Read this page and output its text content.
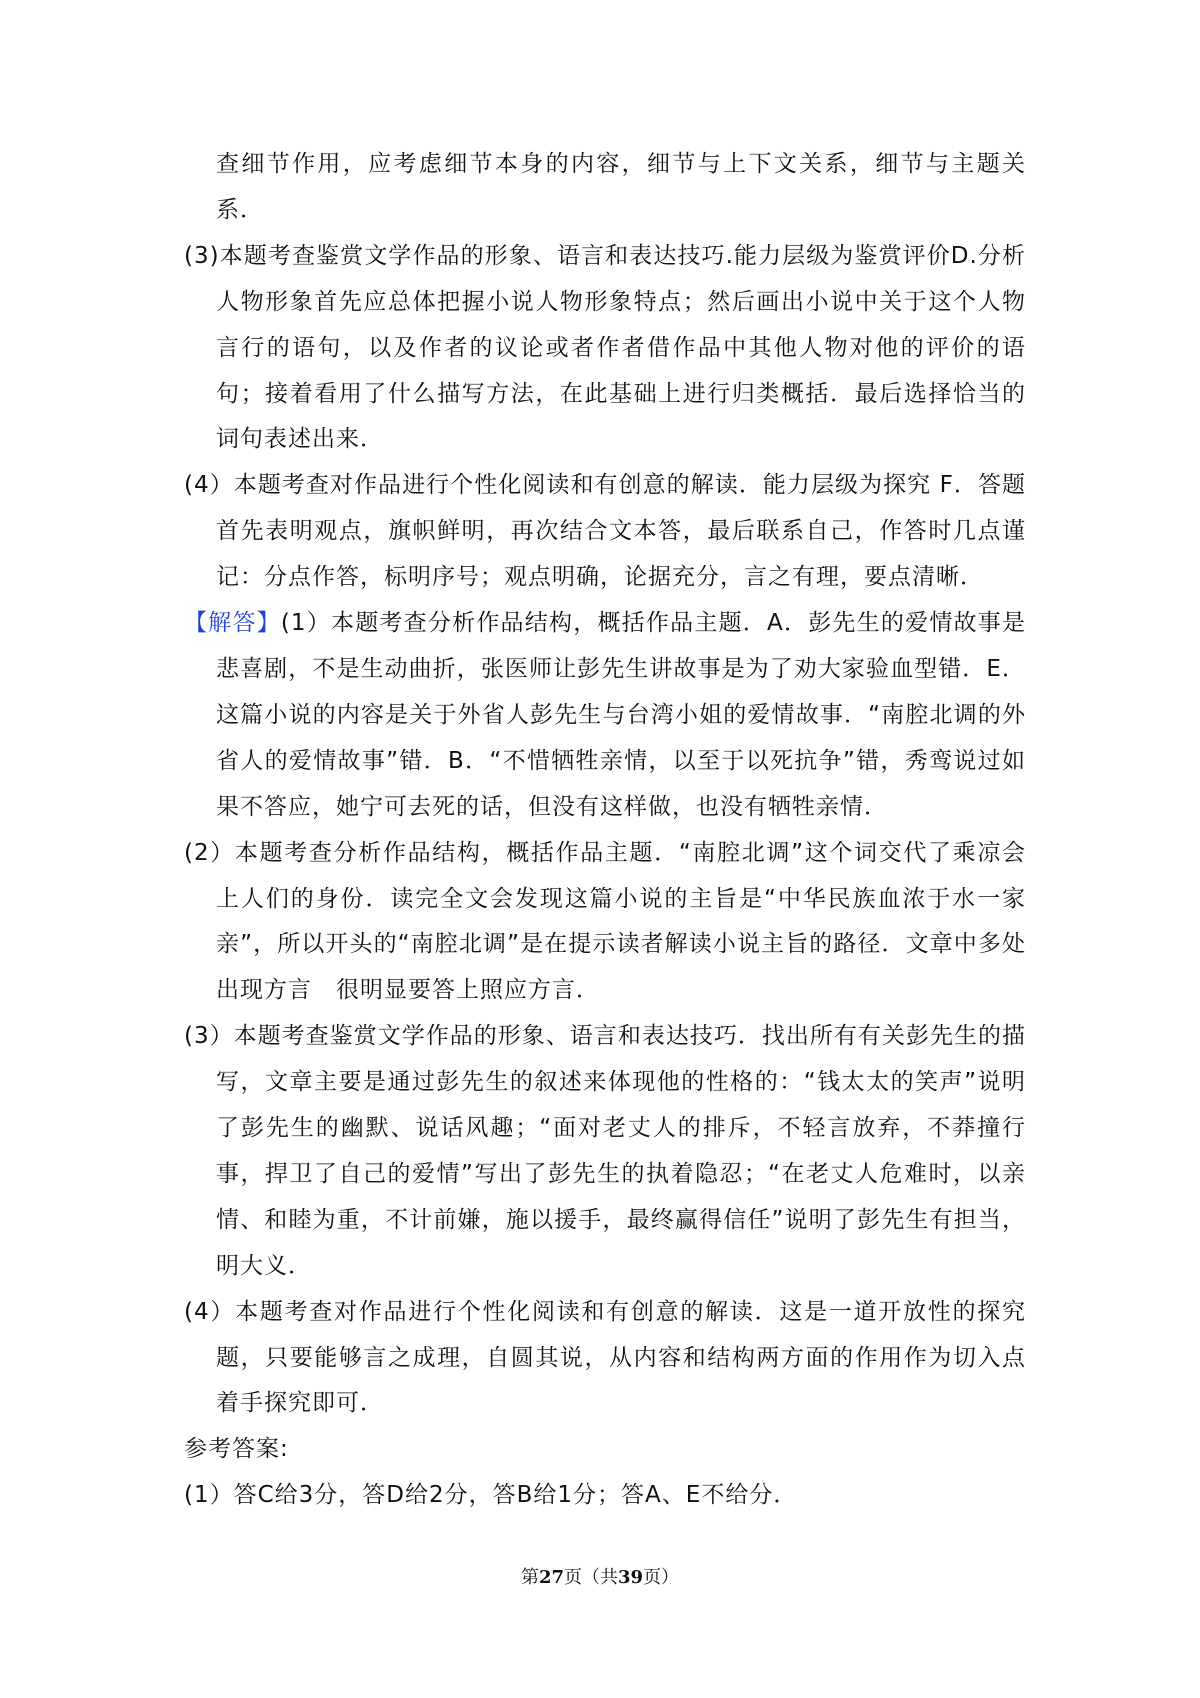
查细节作用，应考虑细节本身的内容，细节与上下文关系，细节与主题关系．
(3)本题考查鉴赏文学作品的形象、语言和表达技巧.能力层级为鉴赏评价D.分析人物形象首先应总体把握小说人物形象特点；然后画出小说中关于这个人物言行的语句，以及作者的议论或者作者借作品中其他人物对他的评价的语句；接着看用了什么描写方法，在此基础上进行归类概括．最后选择恰当的词句表述出来．
(4）本题考查对作品进行个性化阅读和有创意的解读．能力层级为探究 F．答题首先表明观点，旗帜鲜明，再次结合文本答，最后联系自己，作答时几点谨记：分点作答，标明序号；观点明确，论据充分，言之有理，要点清晰．
【解答】(1）本题考查分析作品结构，概括作品主题．A．彭先生的爱情故事是悲喜剧，不是生动曲折，张医师让彭先生讲故事是为了劝大家验血型错．E．这篇小说的内容是关于外省人彭先生与台湾小姐的爱情故事．“南腔北调的外省人的爱情故事”错．B．“不惜牺牲亲情，以至于以死抗争”错，秀鸾说过如果不答应，她宁可去死的话，但没有这样做，也没有牺牲亲情．
(2）本题考查分析作品结构，概括作品主题．“南腔北调”这个词交代了乘凉会上人们的身份．读完全文会发现这篇小说的主旨是“中华民族血浓于水一家亲”，所以开头的“南腔北调”是在提示读者解读小说主旨的路径．文章中多处出现方言　很明显要答上照应方言．
(3）本题考查鉴赏文学作品的形象、语言和表达技巧．找出所有有关彭先生的描写，文章主要是通过彭先生的叙述来体现他的性格的：“钱太太的笑声”说明了彭先生的幽默、说话风趣；“面对老丈人的排斥，不轻言放弃，不莽撞行事，捍卫了自己的爱情”写出了彭先生的执着隐忍；“在老丈人危难时，以亲情、和睦为重，不计前嫌，施以援手，最终赢得信任”说明了彭先生有担当，明大义．
(4）本题考查对作品进行个性化阅读和有创意的解读．这是一道开放性的探究题，只要能够言之成理，自圆其说，从内容和结构两方面的作用作为切入点着手探究即可．
参考答案:
(1）答C给3分，答D给2分，答B给1分；答A、E不给分．
第27页（共39页）
